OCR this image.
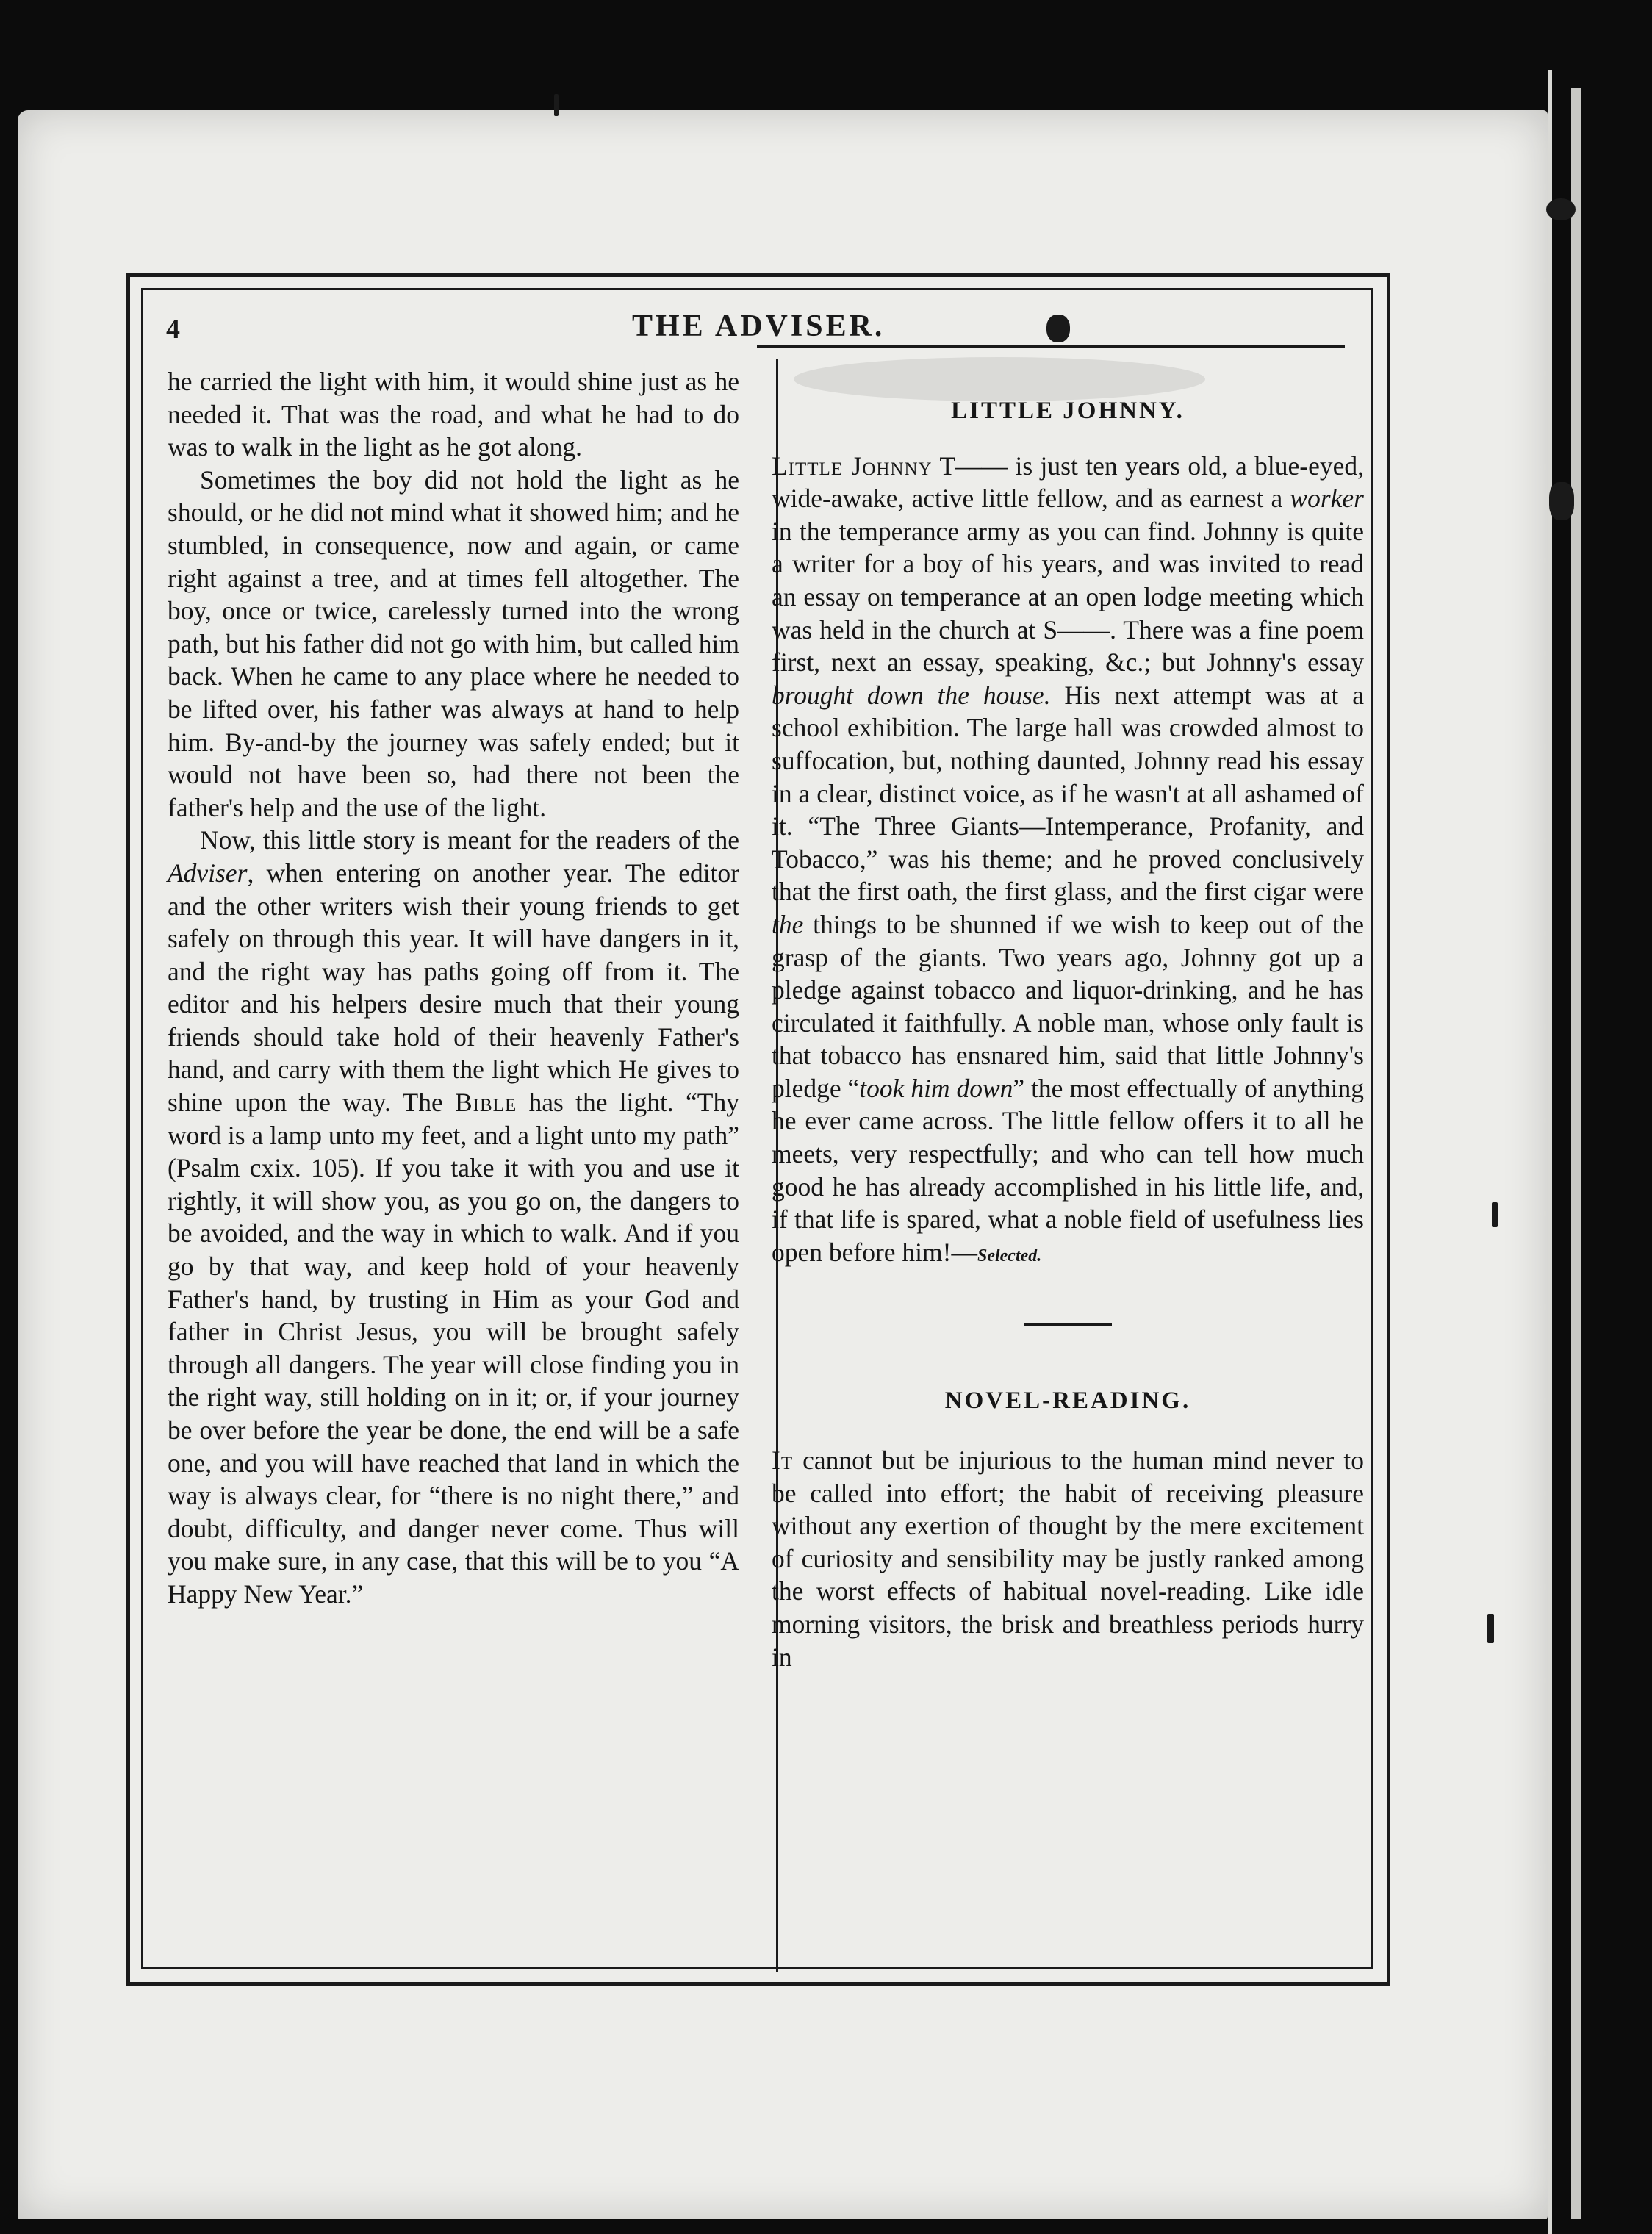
4	THE ADVISER.

he carried the light with him, it would shine just as he needed it. That was the road, and what he had to do was to walk in the light as he got along.

Sometimes the boy did not hold the light as he should, or he did not mind what it showed him; and he stumbled, in consequence, now and again, or came right against a tree, and at times fell altogether. The boy, once or twice, carelessly turned into the wrong path, but his father did not go with him, but called him back. When he came to any place where he needed to be lifted over, his father was always at hand to help him. By-and-by the journey was safely ended; but it would not have been so, had there not been the father's help and the use of the light.

Now, this little story is meant for the readers of the Adviser, when entering on another year. The editor and the other writers wish their young friends to get safely on through this year. It will have dangers in it, and the right way has paths going off from it. The editor and his helpers desire much that their young friends should take hold of their heavenly Father's hand, and carry with them the light which He gives to shine upon the way. The Bible has the light. “Thy word is a lamp unto my feet, and a light unto my path” (Psalm cxix. 105). If you take it with you and use it rightly, it will show you, as you go on, the dangers to be avoided, and the way in which to walk. And if you go by that way, and keep hold of your heavenly Father's hand, by trusting in Him as your God and father in Christ Jesus, you will be brought safely through all dangers. The year will close finding you in the right way, still holding on in it; or, if your journey be over before the year be done, the end will be a safe one, and you will have reached that land in which the way is always clear, for “there is no night there,” and doubt, difficulty, and danger never come. Thus will you make sure, in any case, that this will be to you “A Happy New Year.”

LITTLE JOHNNY.

Little Johnny T—— is just ten years old, a blue-eyed, wide-awake, active little fellow, and as earnest a worker in the temperance army as you can find. Johnny is quite a writer for a boy of his years, and was invited to read an essay on temperance at an open lodge meeting which was held in the church at S——. There was a fine poem first, next an essay, speaking, &c.; but Johnny's essay brought down the house. His next attempt was at a school exhibition. The large hall was crowded almost to suffocation, but, nothing daunted, Johnny read his essay in a clear, distinct voice, as if he wasn't at all ashamed of it. “The Three Giants—Intemperance, Profanity, and Tobacco,” was his theme; and he proved conclusively that the first oath, the first glass, and the first cigar were the things to be shunned if we wish to keep out of the grasp of the giants. Two years ago, Johnny got up a pledge against tobacco and liquor-drinking, and he has circulated it faithfully. A noble man, whose only fault is that tobacco has ensnared him, said that little Johnny's pledge “took him down” the most effectually of anything he ever came across. The little fellow offers it to all he meets, very respectfully; and who can tell how much good he has already accomplished in his little life, and, if that life is spared, what a noble field of usefulness lies open before him!—Selected.

NOVEL-READING.

It cannot but be injurious to the human mind never to be called into effort; the habit of receiving pleasure without any exertion of thought by the mere excitement of curiosity and sensibility may be justly ranked among the worst effects of habitual novel-reading. Like idle morning visitors, the brisk and breathless periods hurry in
